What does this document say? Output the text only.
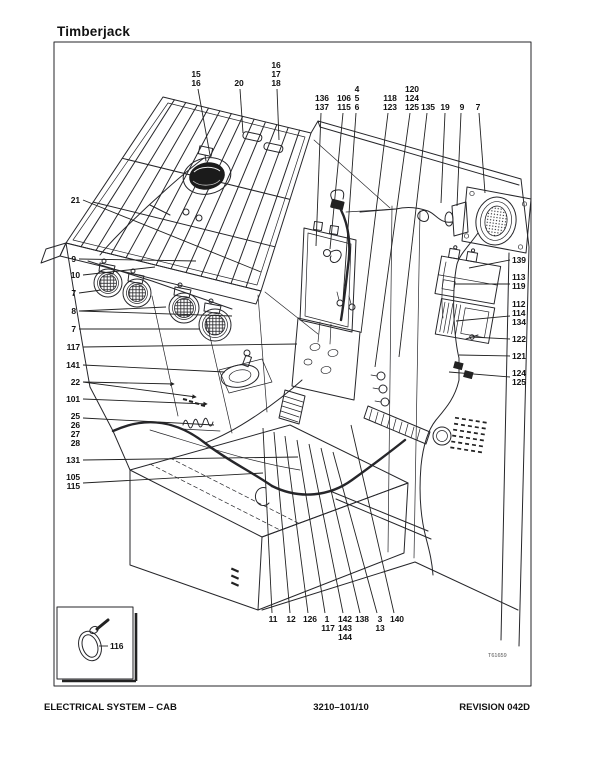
Timberjack
T61659
15
16	20
16
17
18
136
137
106
115
4
5
6
118
123
120
124
125 135 19 9 7
21
9
10
7
8
7
117
141
22
101
25
26
27
28
131
105
115
139
113
119
112
114
134
122
121
124
125
11 12 126 1
117
142
143
144
138 3
13
140
116
ELECTRICAL SYSTEM – CAB	3210–101/10	REVISION 042D
